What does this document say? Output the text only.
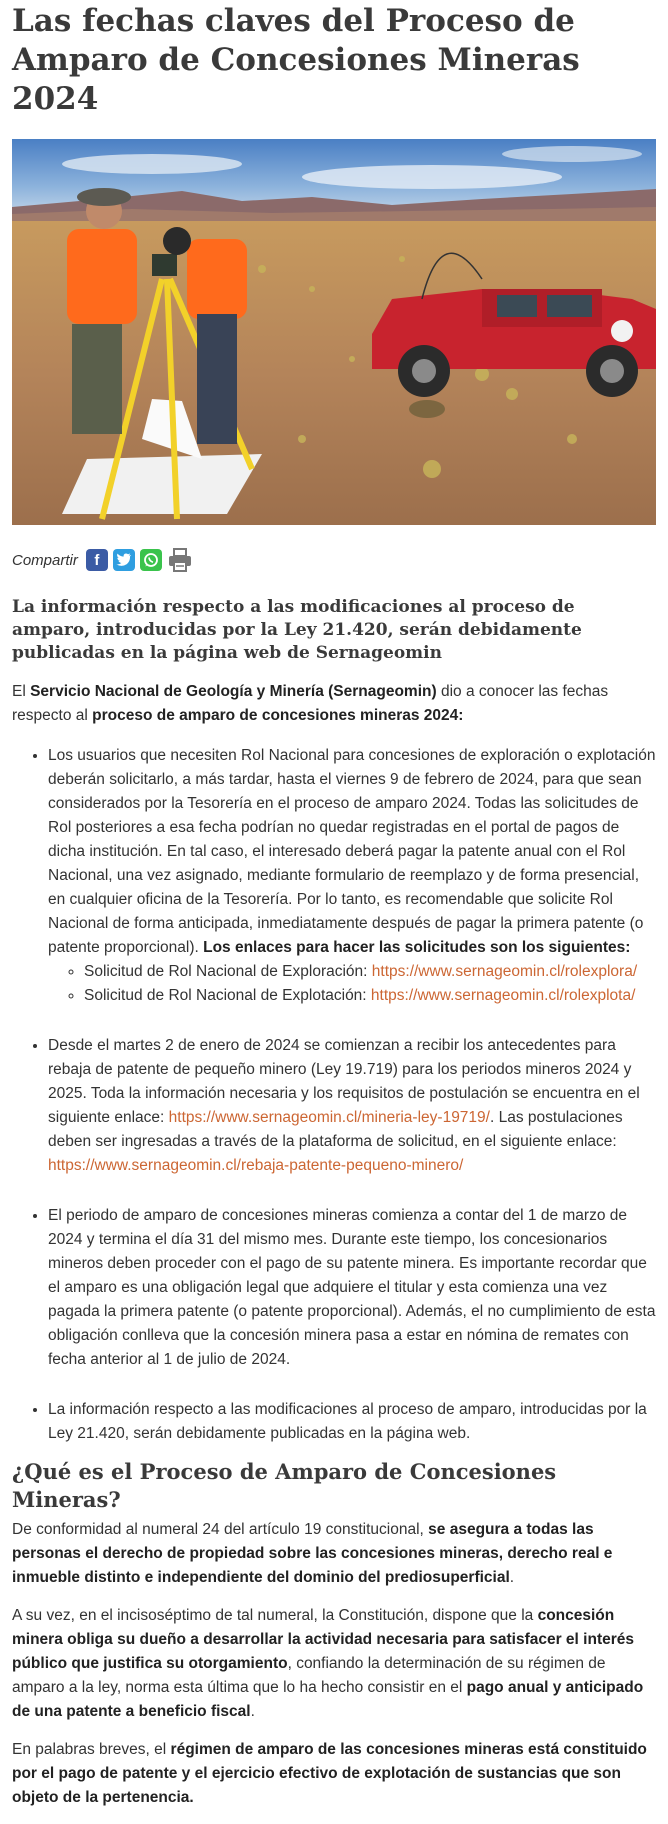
Las fechas claves del Proceso de Amparo de Concesiones Mineras 2024
Compartir	f
La información respecto a las modificaciones al proceso de amparo, introducidas por la Ley 21.420, serán debidamente publicadas en la página web de Sernageomin

El Servicio Nacional de Geología y Minería (Sernageomin) dio a conocer las fechas respecto al proceso de amparo de concesiones mineras 2024:

• Los usuarios que necesiten Rol Nacional para concesiones de exploración o explotación deberán solicitarlo, a más tardar, hasta el viernes 9 de febrero de 2024, para que sean considerados por la Tesorería en el proceso de amparo 2024. Todas las solicitudes de Rol posteriores a esa fecha podrían no quedar registradas en el portal de pagos de dicha institución. En tal caso, el interesado deberá pagar la patente anual con el Rol Nacional, una vez asignado, mediante formulario de reemplazo y de forma presencial, en cualquier oficina de la Tesorería. Por lo tanto, es recomendable que solicite Rol Nacional de forma anticipada, inmediatamente después de pagar la primera patente (o patente proporcional). Los enlaces para hacer las solicitudes son los siguientes:
◦ Solicitud de Rol Nacional de Exploración: https://www.sernageomin.cl/rolexplora/
◦ Solicitud de Rol Nacional de Explotación: https://www.sernageomin.cl/rolexplota/
• Desde el martes 2 de enero de 2024 se comienzan a recibir los antecedentes para rebaja de patente de pequeño minero (Ley 19.719) para los periodos mineros 2024 y 2025. Toda la información necesaria y los requisitos de postulación se encuentra en el siguiente enlace: https://www.sernageomin.cl/mineria-ley-19719/. Las postulaciones deben ser ingresadas a través de la plataforma de solicitud, en el siguiente enlace: https://www.sernageomin.cl/rebaja-patente-pequeno-minero/
• El periodo de amparo de concesiones mineras comienza a contar del 1 de marzo de 2024 y termina el día 31 del mismo mes. Durante este tiempo, los concesionarios mineros deben proceder con el pago de su patente minera. Es importante recordar que el amparo es una obligación legal que adquiere el titular y esta comienza una vez pagada la primera patente (o patente proporcional). Además, el no cumplimiento de esta obligación conlleva que la concesión minera pasa a estar en nómina de remates con fecha anterior al 1 de julio de 2024.
• La información respecto a las modificaciones al proceso de amparo, introducidas por la Ley 21.420, serán debidamente publicadas en la página web.
¿Qué es el Proceso de Amparo de Concesiones Mineras?

De conformidad al numeral 24 del artículo 19 constitucional, se asegura a todas las personas el derecho de propiedad sobre las concesiones mineras, derecho real e inmueble distinto e independiente del dominio del prediosuperficial.

A su vez, en el incisoséptimo de tal numeral, la Constitución, dispone que la concesión minera obliga su dueño a desarrollar la actividad necesaria para satisfacer el interés público que justifica su otorgamiento, confiando la determinación de su régimen de amparo a la ley, norma esta última que lo ha hecho consistir en el pago anual y anticipado de una patente a beneficio fiscal.

En palabras breves, el régimen de amparo de las concesiones mineras está constituido por el pago de patente y el ejercicio efectivo de explotación de sustancias que son objeto de la pertenencia.
